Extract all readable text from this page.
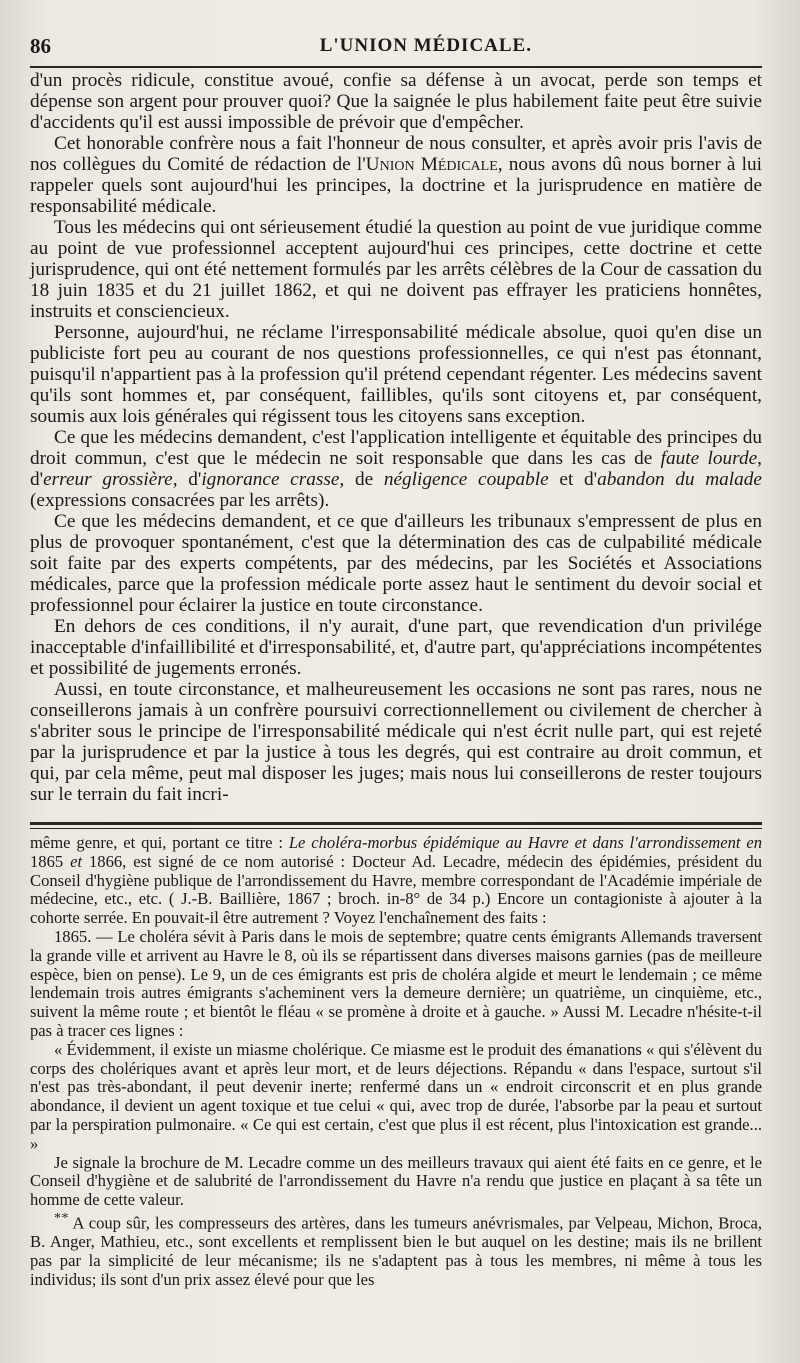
86	L'UNION MÉDICALE.

d'un procès ridicule, constitue avoué, confie sa défense à un avocat, perde son temps et dépense son argent pour prouver quoi? Que la saignée le plus habilement faite peut être suivie d'accidents qu'il est aussi impossible de prévoir que d'empêcher.

Cet honorable confrère nous a fait l'honneur de nous consulter, et après avoir pris l'avis de nos collègues du Comité de rédaction de l'Union Médicale, nous avons dû nous borner à lui rappeler quels sont aujourd'hui les principes, la doctrine et la jurisprudence en matière de responsabilité médicale.

Tous les médecins qui ont sérieusement étudié la question au point de vue juridique comme au point de vue professionnel acceptent aujourd'hui ces principes, cette doctrine et cette jurisprudence, qui ont été nettement formulés par les arrêts célèbres de la Cour de cassation du 18 juin 1835 et du 21 juillet 1862, et qui ne doivent pas effrayer les praticiens honnêtes, instruits et consciencieux.

Personne, aujourd'hui, ne réclame l'irresponsabilité médicale absolue, quoi qu'en dise un publiciste fort peu au courant de nos questions professionnelles, ce qui n'est pas étonnant, puisqu'il n'appartient pas à la profession qu'il prétend cependant régenter. Les médecins savent qu'ils sont hommes et, par conséquent, faillibles, qu'ils sont citoyens et, par conséquent, soumis aux lois générales qui régissent tous les citoyens sans exception.

Ce que les médecins demandent, c'est l'application intelligente et équitable des principes du droit commun, c'est que le médecin ne soit responsable que dans les cas de faute lourde, d'erreur grossière, d'ignorance crasse, de négligence coupable et d'abandon du malade (expressions consacrées par les arrêts).

Ce que les médecins demandent, et ce que d'ailleurs les tribunaux s'empressent de plus en plus de provoquer spontanément, c'est que la détermination des cas de culpabilité médicale soit faite par des experts compétents, par des médecins, par les Sociétés et Associations médicales, parce que la profession médicale porte assez haut le sentiment du devoir social et professionnel pour éclairer la justice en toute circonstance.

En dehors de ces conditions, il n'y aurait, d'une part, que revendication d'un privilége inacceptable d'infaillibilité et d'irresponsabilité, et, d'autre part, qu'appréciations incompétentes et possibilité de jugements erronés.

Aussi, en toute circonstance, et malheureusement les occasions ne sont pas rares, nous ne conseillerons jamais à un confrère poursuivi correctionnellement ou civilement de chercher à s'abriter sous le principe de l'irresponsabilité médicale qui n'est écrit nulle part, qui est rejeté par la jurisprudence et par la justice à tous les degrés, qui est contraire au droit commun, et qui, par cela même, peut mal disposer les juges; mais nous lui conseillerons de rester toujours sur le terrain du fait incri-

même genre, et qui, portant ce titre : Le choléra-morbus épidémique au Havre et dans l'arrondissement en 1865 et 1866, est signé de ce nom autorisé : Docteur Ad. Lecadre, médecin des épidémies, président du Conseil d'hygiène publique de l'arrondissement du Havre, membre correspondant de l'Académie impériale de médecine, etc., etc. ( J.-B. Baillière, 1867 ; broch. in-8° de 34 p.) Encore un contagioniste à ajouter à la cohorte serrée. En pouvait-il être autrement ? Voyez l'enchaînement des faits :

1865. — Le choléra sévit à Paris dans le mois de septembre; quatre cents émigrants Allemands traversent la grande ville et arrivent au Havre le 8, où ils se répartissent dans diverses maisons garnies (pas de meilleure espèce, bien on pense). Le 9, un de ces émigrants est pris de choléra algide et meurt le lendemain ; ce même lendemain trois autres émigrants s'acheminent vers la demeure dernière; un quatrième, un cinquième, etc., suivent la même route ; et bientôt le fléau « se promène à droite et à gauche. » Aussi M. Lecadre n'hésite-t-il pas à tracer ces lignes :

« Évidemment, il existe un miasme cholérique. Ce miasme est le produit des émanations « qui s'élèvent du corps des cholériques avant et après leur mort, et de leurs déjections. Répandu « dans l'espace, surtout s'il n'est pas très-abondant, il peut devenir inerte; renfermé dans un « endroit circonscrit et en plus grande abondance, il devient un agent toxique et tue celui « qui, avec trop de durée, l'absorbe par la peau et surtout par la perspiration pulmonaire. « Ce qui est certain, c'est que plus il est récent, plus l'intoxication est grande... »

Je signale la brochure de M. Lecadre comme un des meilleurs travaux qui aient été faits en ce genre, et le Conseil d'hygiène et de salubrité de l'arrondissement du Havre n'a rendu que justice en plaçant à sa tête un homme de cette valeur.

* * A coup sûr, les compresseurs des artères, dans les tumeurs anévrismales, par Velpeau, Michon, Broca, B. Anger, Mathieu, etc., sont excellents et remplissent bien le but auquel on les destine; mais ils ne brillent pas par la simplicité de leur mécanisme; ils ne s'adaptent pas à tous les membres, ni même à tous les individus; ils sont d'un prix assez élevé pour que les
